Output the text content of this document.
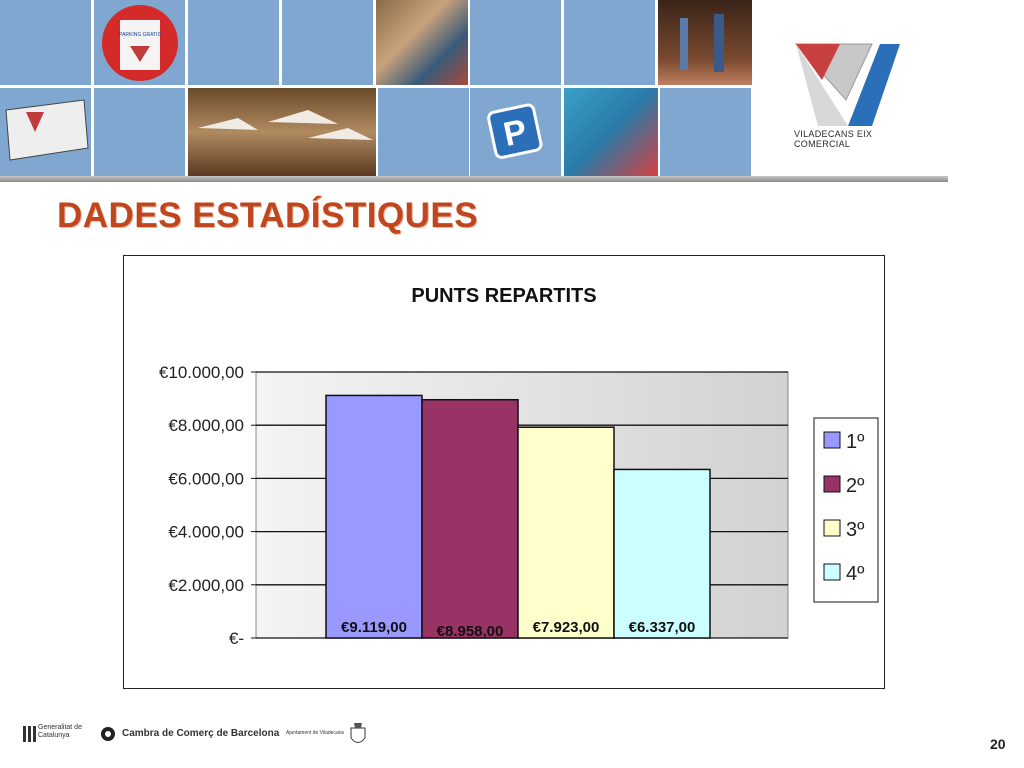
PARKING GRATIS
P	VILADECANS EIX COMERCIAL
DADES ESTADÍSTIQUES
PUNTS REPARTITS
€-
€2.000,00
€4.000,00
€6.000,00
€8.000,00
€10.000,00
€9.119,00 €8.958,00 €7.923,00 €6.337,00
1º
2º
3º
4º
Generalitat de Catalunya	Cambra de Comerç de Barcelona Ajuntament de Viladecans
20
